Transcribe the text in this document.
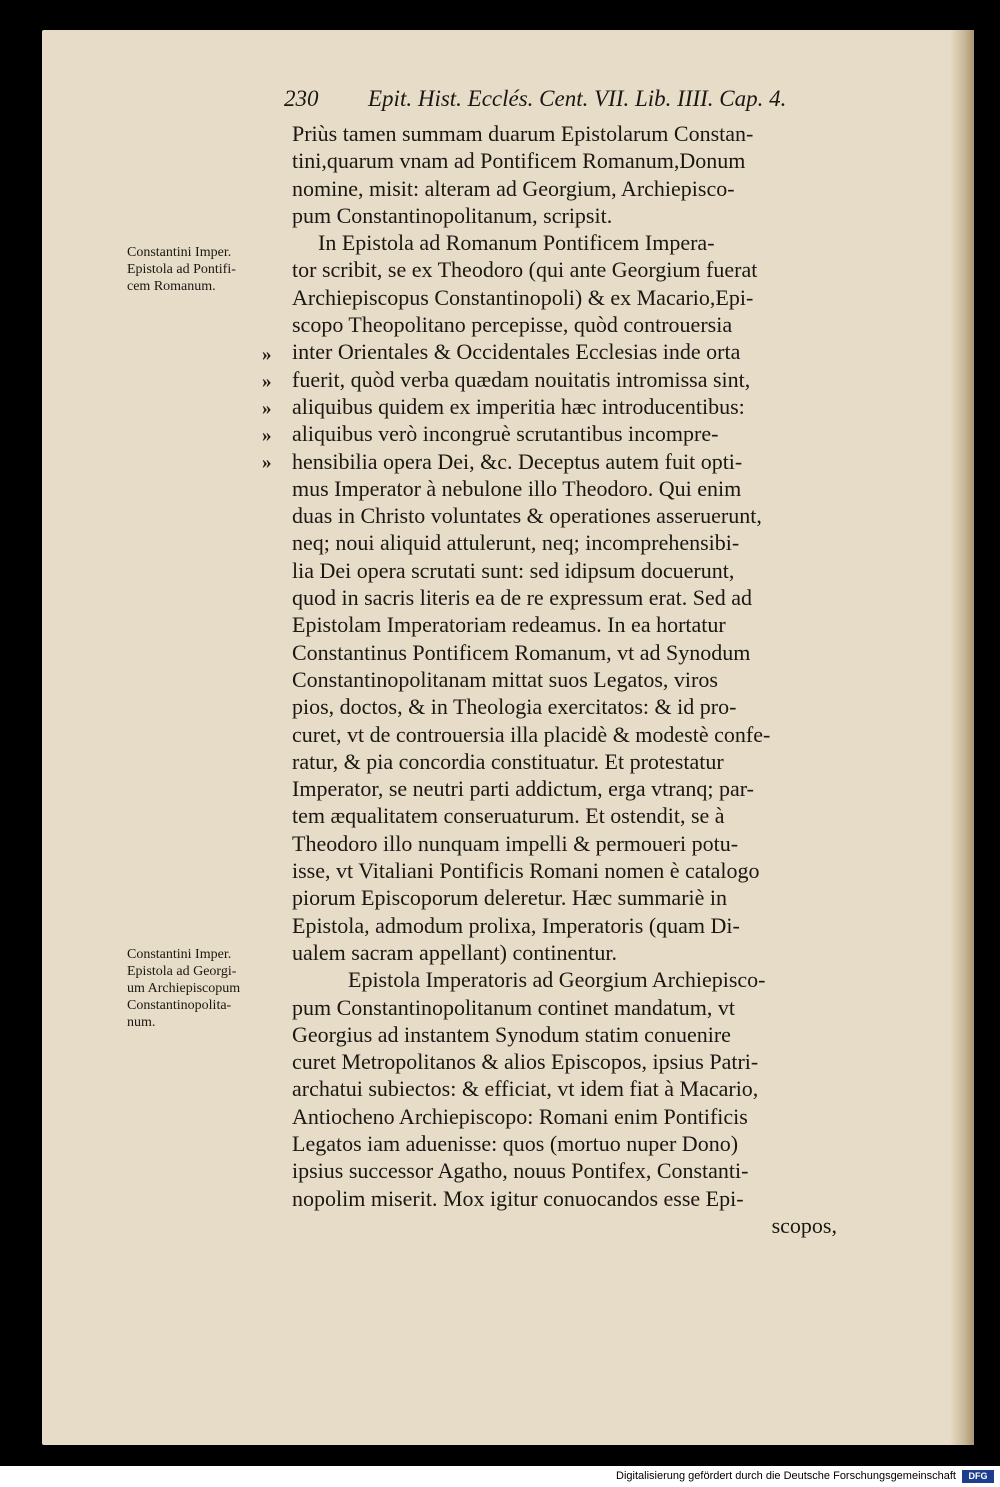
230 Epit. Hist. Ecclés. Cent. VII. Lib. IIII. Cap. 4.
Priùs tamen summam duarum Epistolarum Constan-
tini,quarum vnam ad Pontificem Romanum,Donum
nomine, misit: alteram ad Georgium, Archiepisco-
pum Constantinopolitanum, scripsit.
In Epistola ad Romanum Pontificem Impera-
tor scribit, se ex Theodoro (qui ante Georgium fuerat
Archiepiscopus Constantinopoli) & ex Macario,Epi-
scopo Theopolitano percepisse, quòd controuersia
inter Orientales & Occidentales Ecclesias inde orta
fuerit, quòd verba quædam nouitatis intromissa sint,
aliquibus quidem ex imperitia hæc introducentibus:
aliquibus verò incongruè scrutantibus incompre-
hensibilia opera Dei, &c. Deceptus autem fuit opti-
mus Imperator à nebulone illo Theodoro. Qui enim
duas in Christo voluntates & operationes asseruerunt,
neq; noui aliquid attulerunt, neq; incomprehensibi-
lia Dei opera scrutati sunt: sed idipsum docuerunt,
quod in sacris literis ea de re expressum erat. Sed ad
Epistolam Imperatoriam redeamus. In ea hortatur
Constantinus Pontificem Romanum, vt ad Synodum
Constantinopolitanam mittat suos Legatos, viros
pios, doctos, & in Theologia exercitatos: & id pro-
curet, vt de controuersia illa placidè & modestè confe-
ratur, & pia concordia constituatur. Et protestatur
Imperator, se neutri parti addictum, erga vtranq; par-
tem æqualitatem conseruaturum. Et ostendit, se à
Theodoro illo nunquam impelli & permoueri potu-
isse, vt Vitaliani Pontificis Romani nomen è catalogo
piorum Episcoporum deleretur. Hæc summariè in
Epistola, admodum prolixa, Imperatoris (quam Di-
ualem sacram appellant) continentur.
Epistola Imperatoris ad Georgium Archiepisco-
pum Constantinopolitanum continet mandatum, vt
Georgius ad instantem Synodum statim conuenire
curet Metropolitanos & alios Episcopos, ipsius Patri-
archatui subiectos: & efficiat, vt idem fiat à Macario,
Antiocheno Archiepiscopo: Romani enim Pontificis
Legatos iam aduenisse: quos (mortuo nuper Dono)
ipsius successor Agatho, nouus Pontifex, Constanti-
nopolim miserit. Mox igitur conuocandos esse Epi-
scopos,
Constantini Imper.
Epistola ad Pontifi-
cem Romanum.
Constantini Imper.
Epistola ad Georgi-
um Archiepiscopum
Constantinopolita-
num.
»
»
»
»
»
Digitalisierung gefördert durch die Deutsche Forschungsgemeinschaft	DFG
